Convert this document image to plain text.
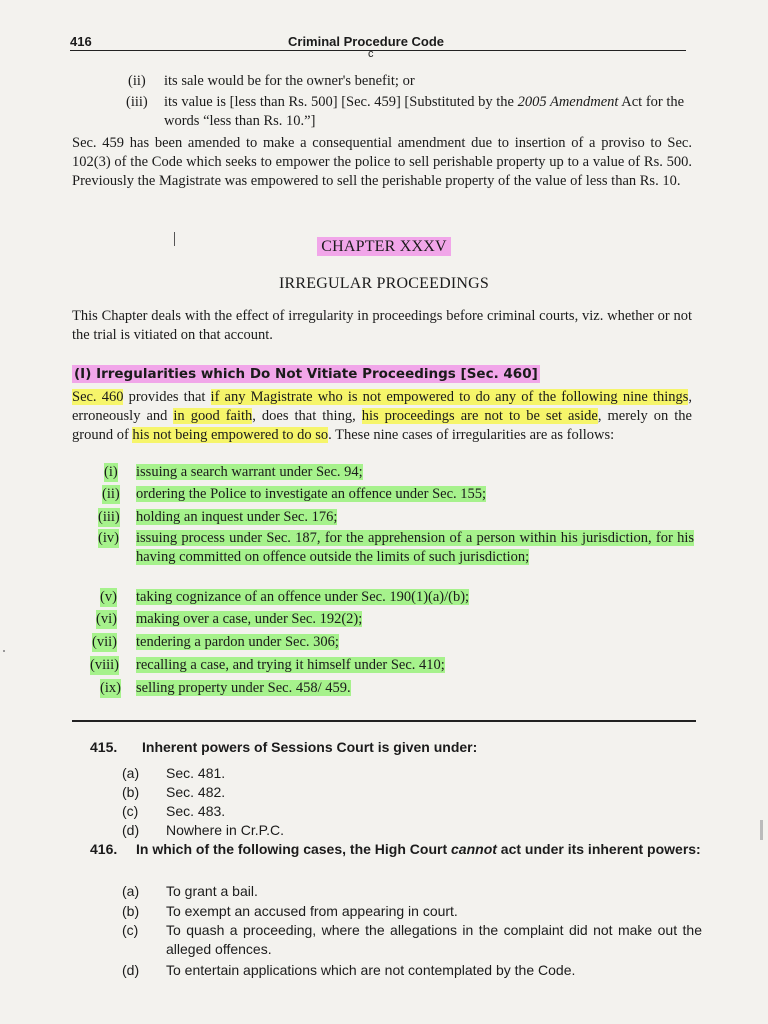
416	Criminal Procedure Code
c
(ii) its sale would be for the owner's benefit; or
(iii) its value is [less than Rs. 500] [Sec. 459] [Substituted by the 2005 Amendment Act for the words “less than Rs. 10.”]
Sec. 459 has been amended to make a consequential amendment due to insertion of a proviso to Sec. 102(3) of the Code which seeks to empower the police to sell perishable property up to a value of Rs. 500. Previously the Magistrate was empowered to sell the perishable property of the value of less than Rs. 10.
CHAPTER XXXV
IRREGULAR PROCEEDINGS
This Chapter deals with the effect of irregularity in proceedings before criminal courts, viz. whether or not the trial is vitiated on that account.
(I) Irregularities which Do Not Vitiate Proceedings [Sec. 460]
Sec. 460 provides that if any Magistrate who is not empowered to do any of the following nine things, erroneously and in good faith, does that thing, his proceedings are not to be set aside, merely on the ground of his not being empowered to do so. These nine cases of irregularities are as follows:
(i) issuing a search warrant under Sec. 94;
(ii) ordering the Police to investigate an offence under Sec. 155;
(iii) holding an inquest under Sec. 176;
(iv) issuing process under Sec. 187, for the apprehension of a person within his jurisdiction, for his having committed on offence outside the limits of such jurisdiction;
(v) taking cognizance of an offence under Sec. 190(1)(a)/(b);
(vi) making over a case, under Sec. 192(2);
(vii) tendering a pardon under Sec. 306;
(viii) recalling a case, and trying it himself under Sec. 410;
(ix) selling property under Sec. 458/ 459.
415. Inherent powers of Sessions Court is given under:
(a) Sec. 481.
(b) Sec. 482.
(c) Sec. 483.
(d) Nowhere in Cr.P.C.
416. In which of the following cases, the High Court cannot act under its inherent powers:
(a) To grant a bail.
(b) To exempt an accused from appearing in court.
(c) To quash a proceeding, where the allegations in the complaint did not make out the alleged offences.
(d) To entertain applications which are not contemplated by the Code.
